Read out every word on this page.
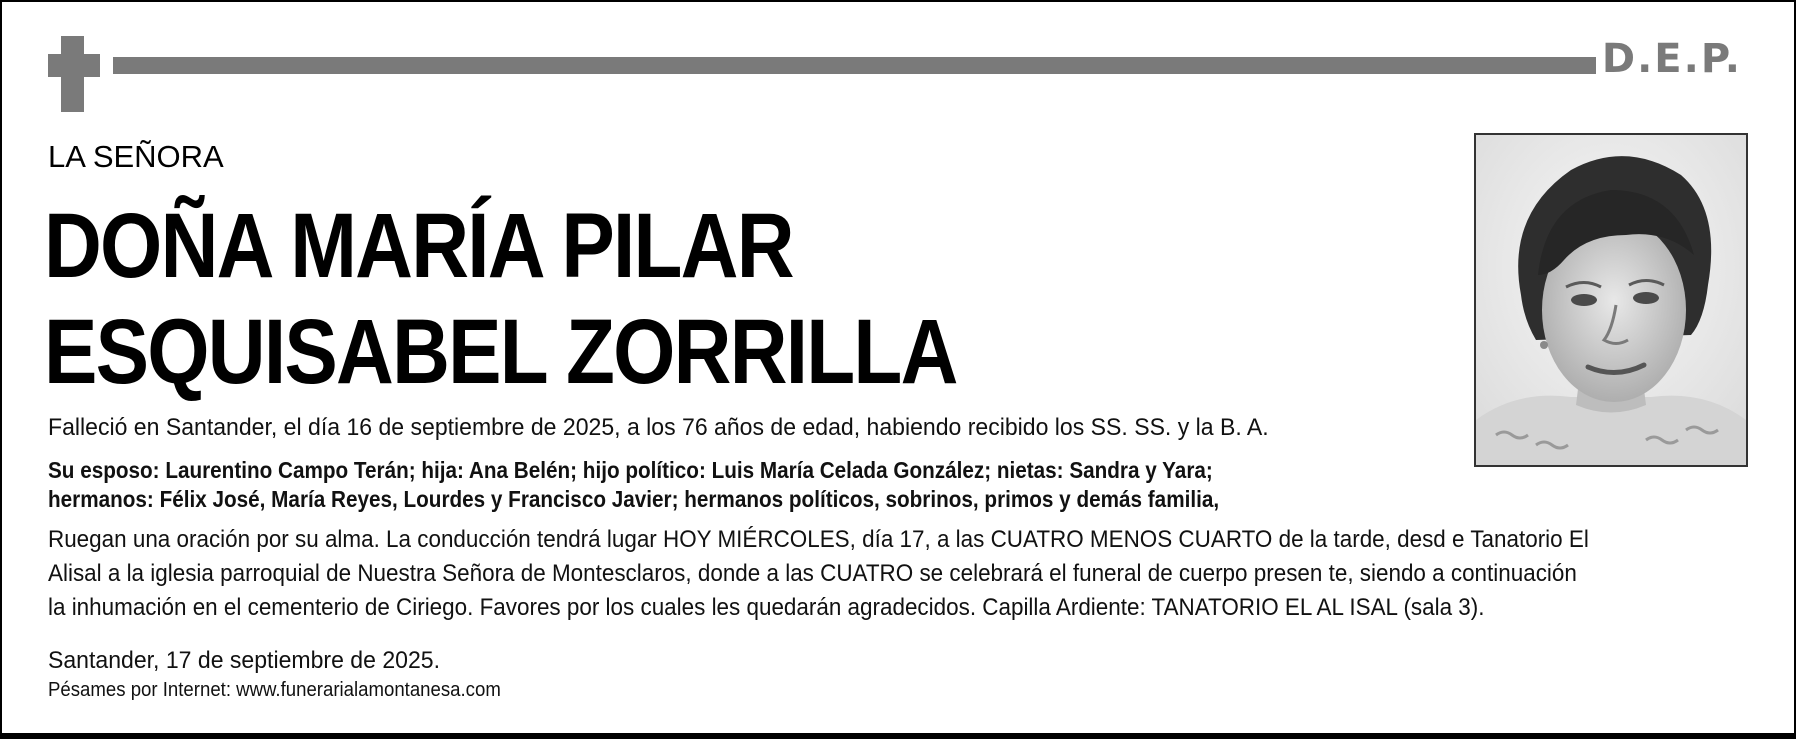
D.E.P.
LA SEÑORA
DOÑA MARÍA PILAR
ESQUISABEL ZORRILLA
Falleció en Santander, el día 16 de septiembre de 2025, a los 76 años de edad, habiendo recibido los SS. SS. y la B. A.
Su esposo: Laurentino Campo Terán; hija: Ana Belén; hijo político: Luis María Celada González; nietas: Sandra y Yara;
hermanos: Félix José, María Reyes, Lourdes y Francisco Javier; hermanos políticos, sobrinos, primos y demás familia,
Ruegan una oración por su alma. La conducción tendrá lugar HOY MIÉRCOLES, día 17, a las CUATRO MENOS CUARTO de la tarde, desd e Tanatorio El
Alisal a la iglesia parroquial de Nuestra Señora de Montesclaros, donde a las CUATRO se celebrará el funeral de cuerpo presen te, siendo a continuación
la inhumación en el cementerio de Ciriego. Favores por los cuales les quedarán agradecidos. Capilla Ardiente: TANATORIO EL AL ISAL (sala 3).
Santander, 17 de septiembre de 2025.
Pésames por Internet: www.funerarialamontanesa.com
